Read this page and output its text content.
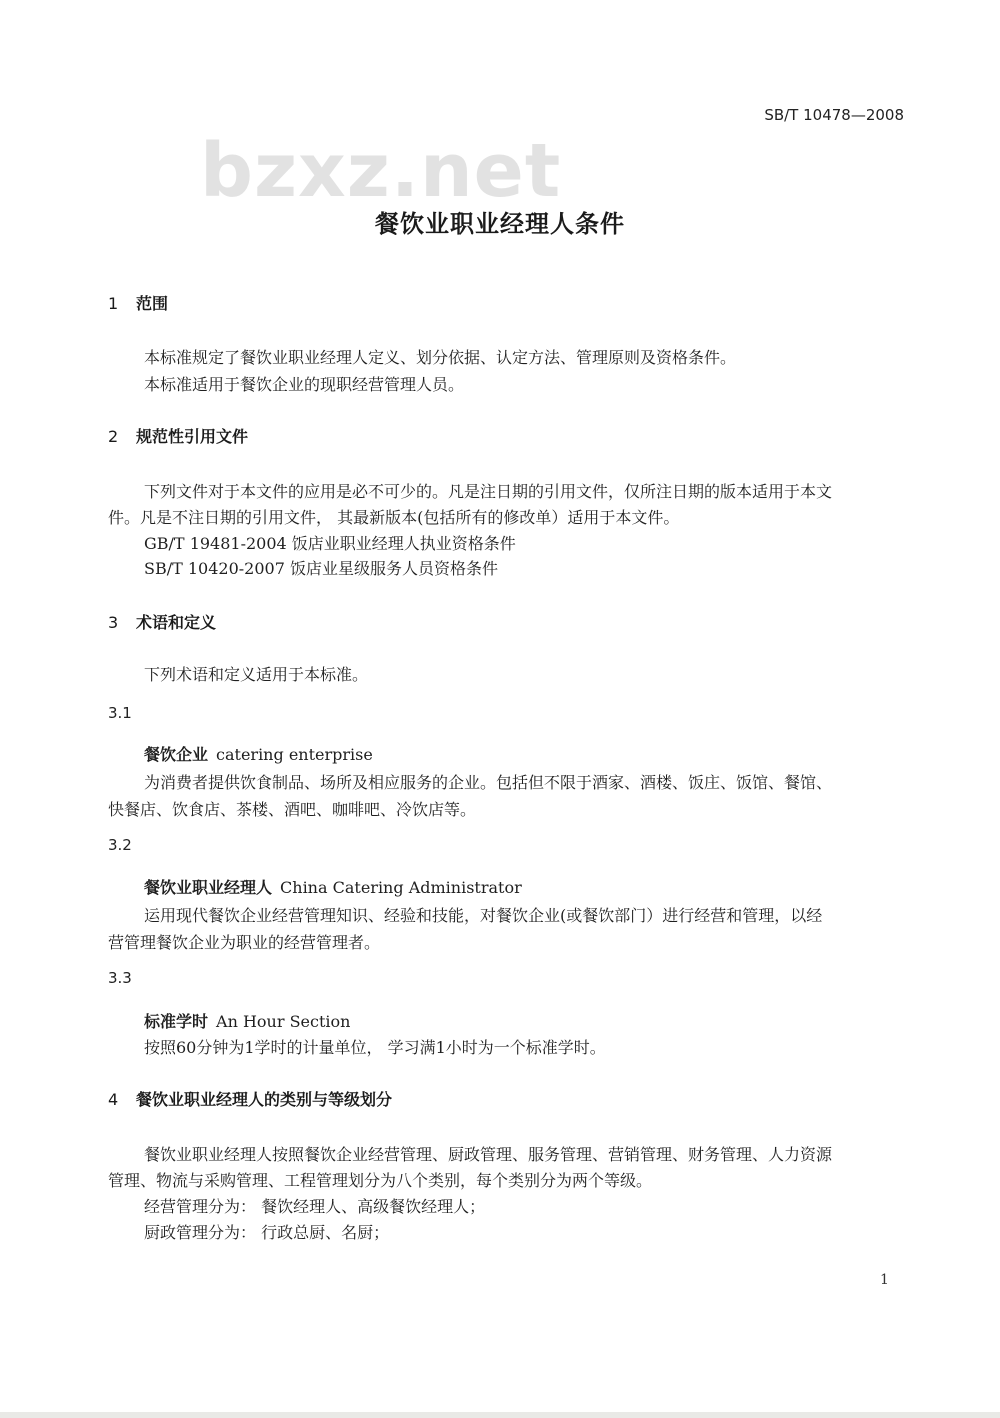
SB/T 10478—2008
bzxz.net
餐饮业职业经理人条件
1 范围
本标准规定了餐饮业职业经理人定义、划分依据、认定方法、管理原则及资格条件。
本标准适用于餐饮企业的现职经营管理人员。
2 规范性引用文件
下列文件对于本文件的应用是必不可少的。凡是注日期的引用文件，仅所注日期的版本适用于本文
件。凡是不注日期的引用文件， 其最新版本(包括所有的修改单）适用于本文件。
GB/T 19481-2004 饭店业职业经理人执业资格条件
SB/T 10420-2007 饭店业星级服务人员资格条件
3 术语和定义
下列术语和定义适用于本标准。
3.1
餐饮企业 catering enterprise
为消费者提供饮食制品、场所及相应服务的企业。包括但不限于酒家、酒楼、饭庄、饭馆、餐馆、
快餐店、饮食店、茶楼、酒吧、咖啡吧、冷饮店等。
3.2
餐饮业职业经理人 China Catering Administrator
运用现代餐饮企业经营管理知识、经验和技能，对餐饮企业(或餐饮部门）进行经营和管理，以经
营管理餐饮企业为职业的经营管理者。
3.3
标准学时 An Hour Section
按照60分钟为1学时的计量单位， 学习满1小时为一个标准学时。
4 餐饮业职业经理人的类别与等级划分
餐饮业职业经理人按照餐饮企业经营管理、厨政管理、服务管理、营销管理、财务管理、人力资源
管理、物流与采购管理、工程管理划分为八个类别，每个类别分为两个等级。
经营管理分为： 餐饮经理人、高级餐饮经理人；
厨政管理分为： 行政总厨、名厨；
1
